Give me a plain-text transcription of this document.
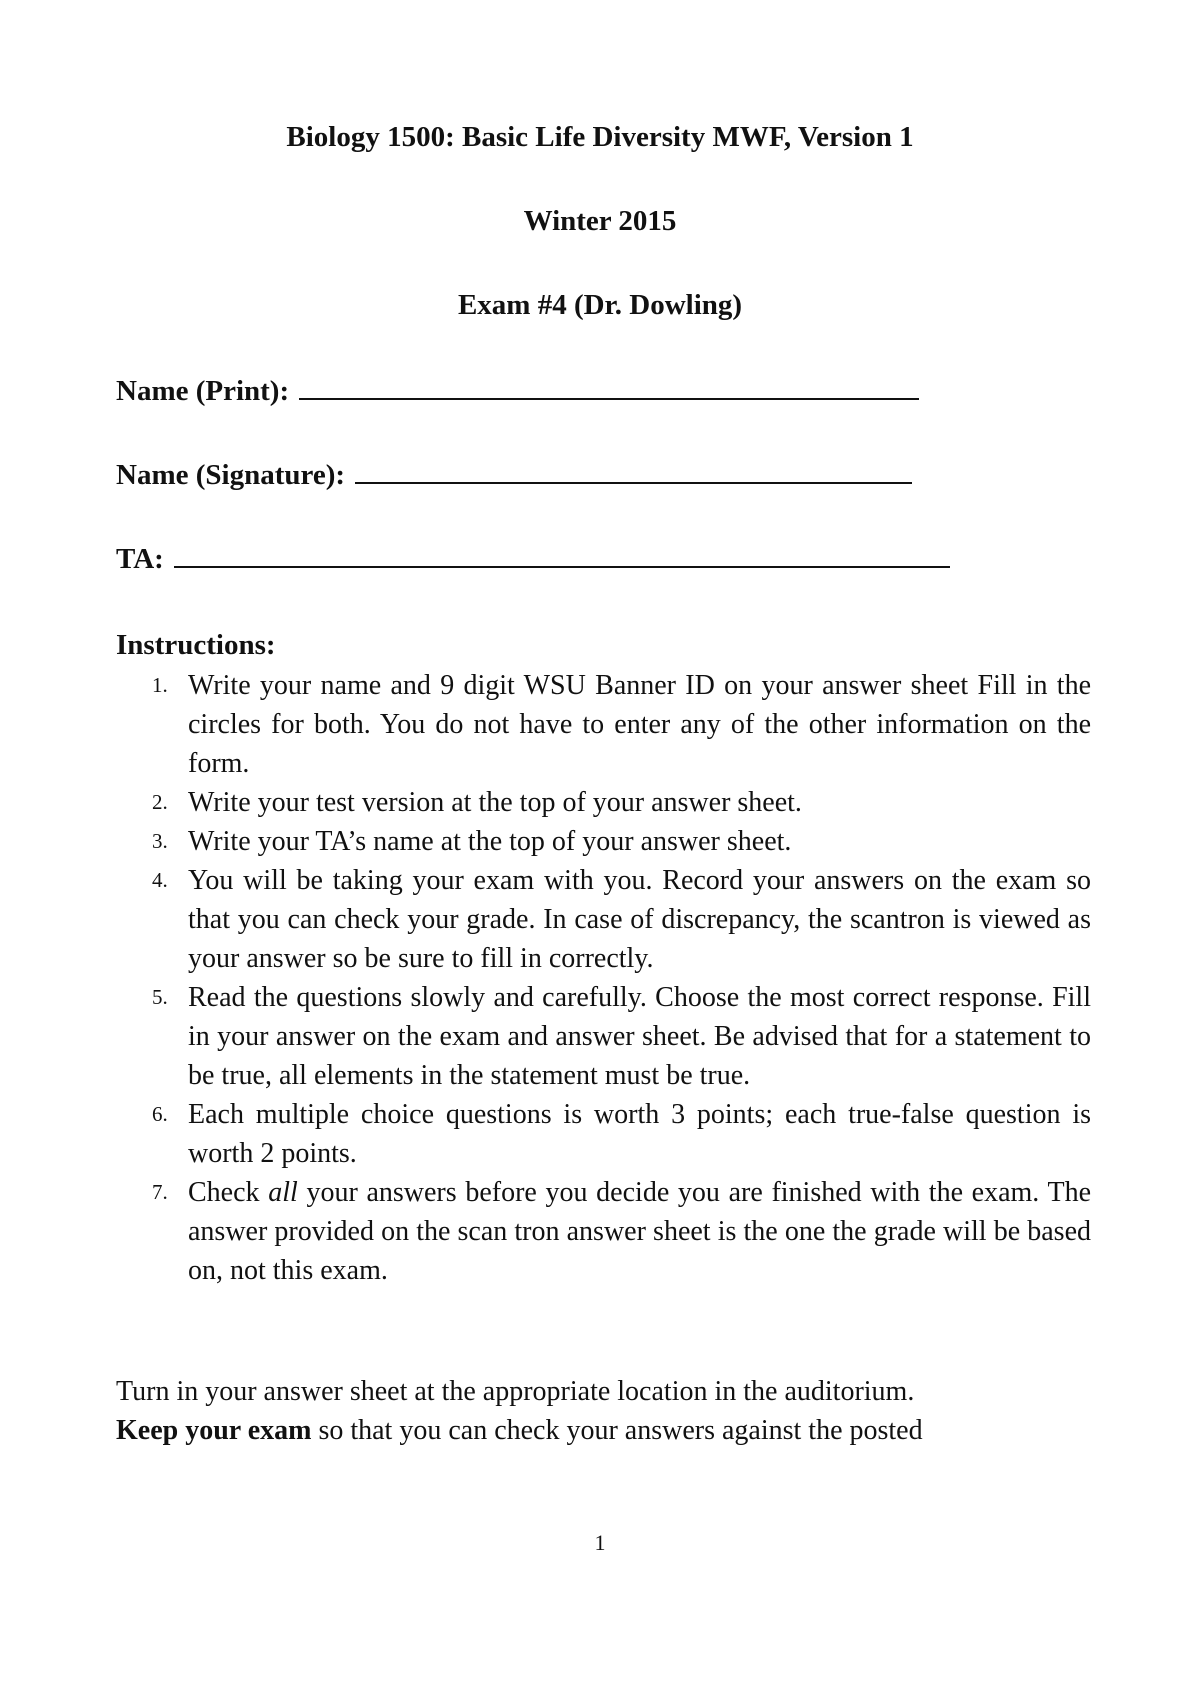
Biology 1500: Basic Life Diversity MWF, Version 1
Winter 2015
Exam #4 (Dr. Dowling)
Name (Print):
Name (Signature):
TA:
Instructions:
1. Write your name and 9 digit WSU Banner ID on your answer sheet Fill in the circles for both. You do not have to enter any of the other information on the form.
2. Write your test version at the top of your answer sheet.
3. Write your TA’s name at the top of your answer sheet.
4. You will be taking your exam with you. Record your answers on the exam so that you can check your grade. In case of discrepancy, the scantron is viewed as your answer so be sure to fill in correctly.
5. Read the questions slowly and carefully. Choose the most correct response. Fill in your answer on the exam and answer sheet. Be advised that for a statement to be true, all elements in the statement must be true.
6. Each multiple choice questions is worth 3 points; each true-false question is worth 2 points.
7. Check all your answers before you decide you are finished with the exam. The answer provided on the scan tron answer sheet is the one the grade will be based on, not this exam.
Turn in your answer sheet at the appropriate location in the auditorium.
Keep your exam so that you can check your answers against the posted
1
